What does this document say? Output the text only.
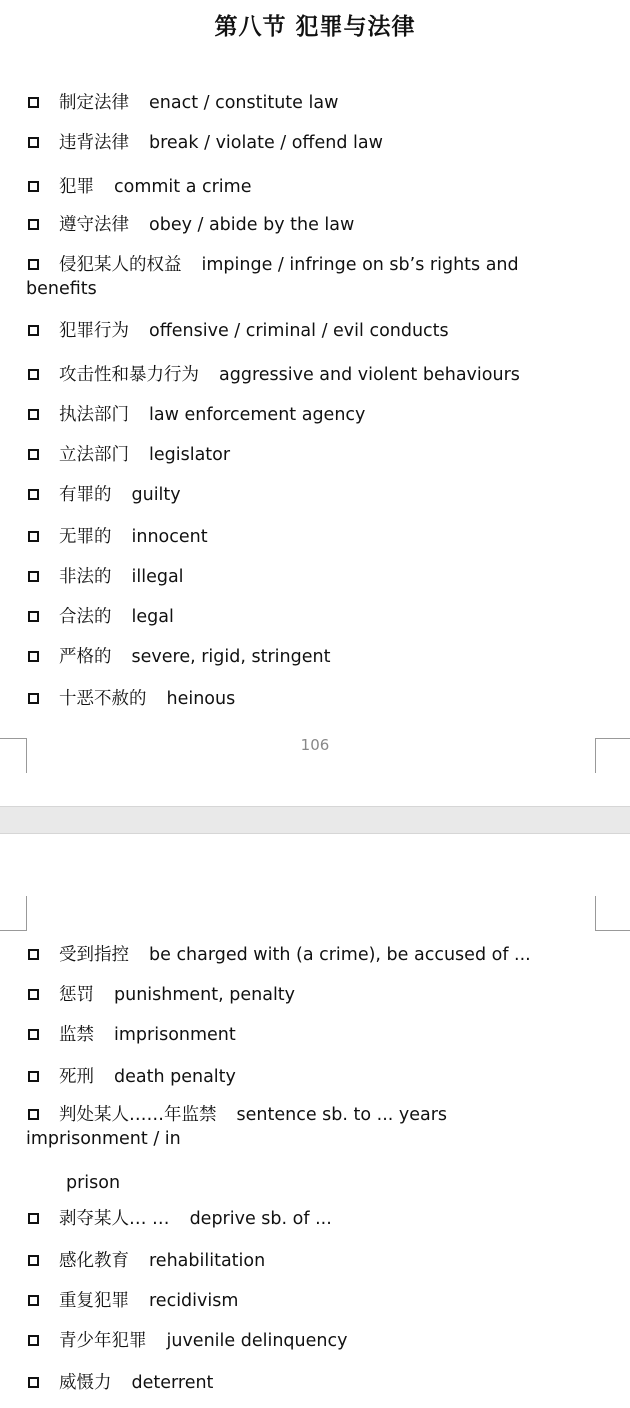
第八节 犯罪与法律
制定法律 enact / constitute law
违背法律 break / violate / offend law
犯罪 commit a crime
遵守法律 obey / abide by the law
侵犯某人的权益 impinge / infringe on sb’s rights and
benefits
犯罪行为 offensive / criminal / evil conducts
攻击性和暴力行为 aggressive and violent behaviours
执法部门 law enforcement agency
立法部门 legislator
有罪的 guilty
无罪的 innocent
非法的 illegal
合法的 legal
严格的 severe, rigid, stringent
十恶不赦的 heinous
106
受到指控 be charged with (a crime), be accused of ...
惩罚 punishment, penalty
监禁 imprisonment
死刑 death penalty
判处某人……年监禁 sentence sb. to ... years
imprisonment / in
prison
剥夺某人… … deprive sb. of ...
感化教育 rehabilitation
重复犯罪 recidivism
青少年犯罪 juvenile delinquency
威慑力 deterrent
